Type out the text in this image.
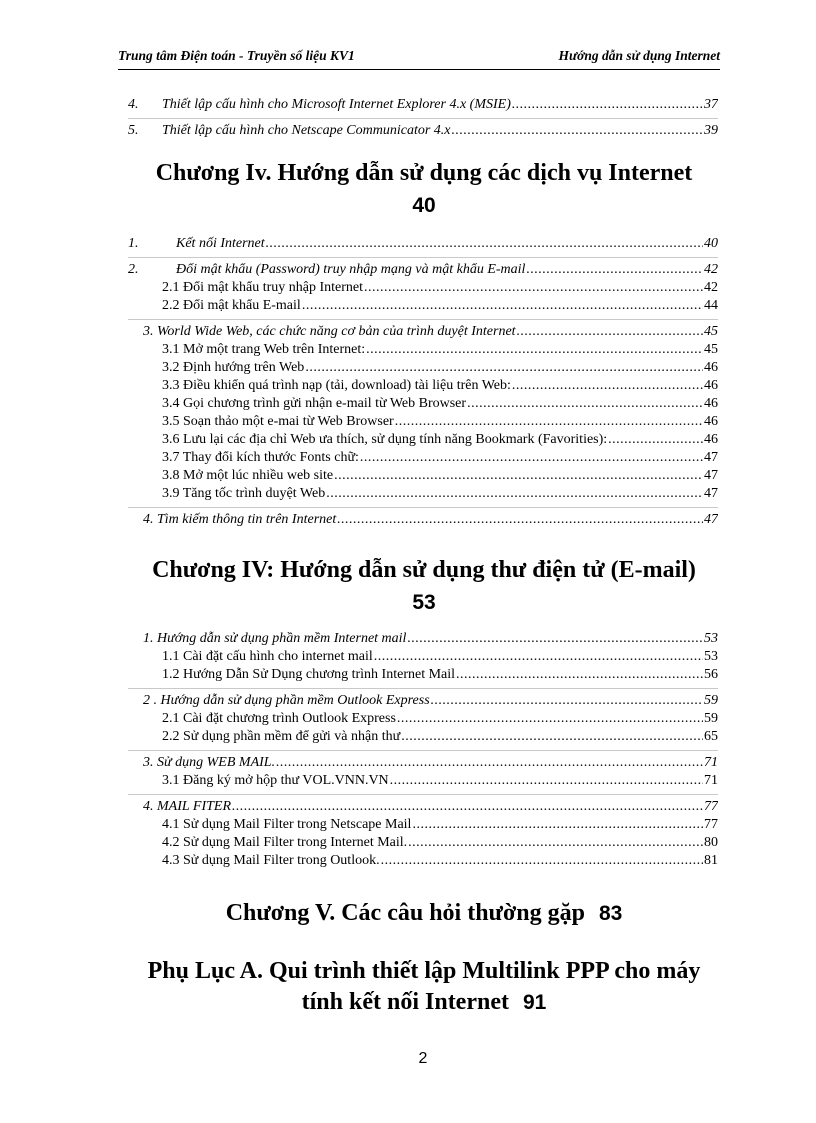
Trung tâm Điện toán - Truyền số liệu KV1	Hướng dẫn sử dụng Internet
4.	Thiết lập cấu hình cho Microsoft Internet Explorer 4.x (MSIE) .....	37
5.	Thiết lập cấu hình cho Netscape Communicator 4.x .....	39
Chương Iv. Hướng dẫn sử dụng các dịch vụ Internet
40
1.	Kết nối Internet .....	40
2.	Đổi mật khẩu (Password) truy nhập mạng và mật khẩu E-mail .....	42
2.1 Đổi mật khẩu truy nhập Internet .....	42
2.2 Đổi mật khẩu E-mail .....	44
3. World Wide Web, các chức năng cơ bản của trình duyệt Internet .....	45
3.1 Mở một trang Web trên Internet: .....	45
3.2 Định hướng trên Web .....	46
3.3 Điều khiển quá trình nạp (tải, download) tài liệu trên Web: .....	46
3.4 Gọi chương trình gửi nhận e-mail từ Web Browser .....	46
3.5 Soạn thảo một e-mai từ Web Browser .....	46
3.6 Lưu lại các địa chỉ Web ưa thích, sử dụng tính năng Bookmark (Favorities): .....	46
3.7 Thay đổi kích thước Fonts chữ: .....	47
3.8 Mở một lúc nhiều web site .....	47
3.9 Tăng tốc trình duyệt Web .....	47
4. Tìm kiếm thông tin trên Internet .....	47
Chương IV: Hướng dẫn sử dụng thư điện tử (E-mail)
53
1. Hướng dẫn sử dụng phần mềm Internet mail .....	53
1.1 Cài đặt cấu hình cho internet mail .....	53
1.2 Hướng Dẫn Sử Dụng chương trình Internet Mail .....	56
2 . Hướng dẫn sử dụng phần mềm Outlook Express .....	59
2.1 Cài đặt chương trình Outlook Express .....	59
2.2 Sử dụng phần mềm để gửi và nhận thư .....	65
3. Sử dụng WEB MAIL. .....	71
3.1 Đăng ký mở hộp thư VOL.VNN.VN .....	71
4. MAIL FITER .....	77
4.1 Sử dụng Mail Filter trong Netscape Mail .....	77
4.2 Sử dụng Mail Filter trong Internet Mail. .....	80
4.3 Sử dụng Mail Filter trong Outlook. .....	81
Chương V. Các câu hỏi thường gặp 83
Phụ Lục A. Qui trình thiết lập Multilink PPP cho máy
tính kết nối Internet 91
2
